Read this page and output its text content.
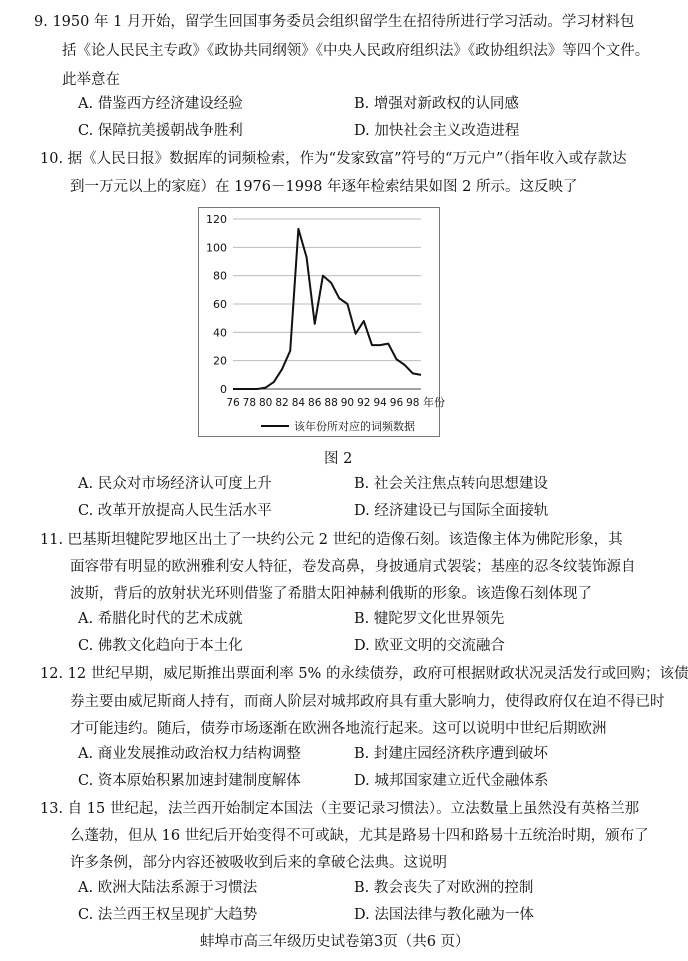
9. 1950 年 1 月开始，留学生回国事务委员会组织留学生在招待所进行学习活动。学习材料包
括《论人民民主专政》《政协共同纲领》《中央人民政府组织法》《政协组织法》等四个文件。
此举意在
A. 借鉴西方经济建设经验	B. 增强对新政权的认同感
C. 保障抗美援朝战争胜利	D. 加快社会主义改造进程
10. 据《人民日报》数据库的词频检索，作为“发家致富”符号的“万元户”（指年收入或存款达
到一万元以上的家庭）在 1976－1998 年逐年检索结果如图 2 所示。这反映了
0
20
40
60
80
100
120
76 78 80 82 84 86 88 90 92 94 96 98 年份
该年份所对应的词频数据
图 2
A. 民众对市场经济认可度上升	B. 社会关注焦点转向思想建设
C. 改革开放提高人民生活水平	D. 经济建设已与国际全面接轨
11. 巴基斯坦犍陀罗地区出土了一块约公元 2 世纪的造像石刻。该造像主体为佛陀形象，其
面容带有明显的欧洲雅利安人特征，卷发高鼻，身披通肩式袈裟；基座的忍冬纹装饰源自
波斯，背后的放射状光环则借鉴了希腊太阳神赫利俄斯的形象。该造像石刻体现了
A. 希腊化时代的艺术成就	B. 犍陀罗文化世界领先
C. 佛教文化趋向于本土化	D. 欧亚文明的交流融合
12. 12 世纪早期，威尼斯推出票面利率 5% 的永续债券，政府可根据财政状况灵活发行或回购；该债
券主要由威尼斯商人持有，而商人阶层对城邦政府具有重大影响力，使得政府仅在迫不得已时
才可能违约。随后，债券市场逐渐在欧洲各地流行起来。这可以说明中世纪后期欧洲
A. 商业发展推动政治权力结构调整	B. 封建庄园经济秩序遭到破坏
C. 资本原始积累加速封建制度解体	D. 城邦国家建立近代金融体系
13. 自 15 世纪起，法兰西开始制定本国法（主要记录习惯法）。立法数量上虽然没有英格兰那
么蓬勃，但从 16 世纪后开始变得不可或缺，尤其是路易十四和路易十五统治时期，颁布了
许多条例，部分内容还被吸收到后来的拿破仑法典。这说明
A. 欧洲大陆法系源于习惯法	B. 教会丧失了对欧洲的控制
C. 法兰西王权呈现扩大趋势	D. 法国法律与教化融为一体
蚌埠市高三年级历史试卷第3页（共6 页）
